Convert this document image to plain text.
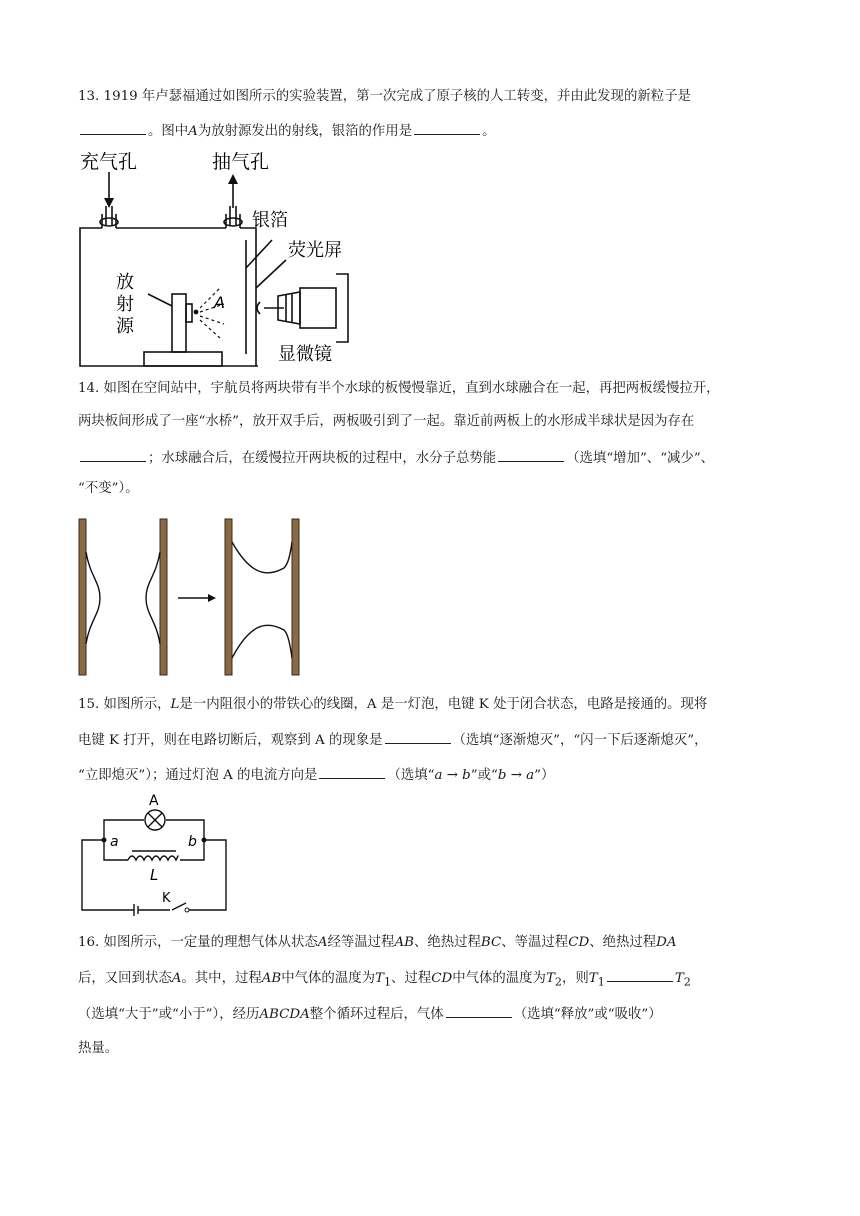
13. 1919 年卢瑟福通过如图所示的实验装置，第一次完成了原子核的人工转变，并由此发现的新粒子是
。图中A为放射源发出的射线，银箔的作用是	。
充气孔	抽气孔
银箔
荧光屏
放
射
源
A
显微镜
14. 如图在空间站中，宇航员将两块带有半个水球的板慢慢靠近，直到水球融合在一起，再把两板缓慢拉开，
两块板间形成了一座“水桥”，放开双手后，两板吸引到了一起。靠近前两板上的水形成半球状是因为存在
；水球融合后，在缓慢拉开两块板的过程中，水分子总势能	（选填“增加”、“减少”、
“不变”）。
15. 如图所示，L是一内阻很小的带铁心的线圈，A 是一灯泡，电键 K 处于闭合状态，电路是接通的。现将
电键 K 打开，则在电路切断后，观察到 A 的现象是	（选填“逐渐熄灭”，“闪一下后逐渐熄灭”，
“立即熄灭”）；通过灯泡 A 的电流方向是	（选填“a → b”或“b → a”）
A
a	b
L
K
16. 如图所示，一定量的理想气体从状态A经等温过程AB、绝热过程BC、等温过程CD、绝热过程DA
后，又回到状态A。其中，过程AB中气体的温度为$T_1$、过程CD中气体的温度为$T_2$，则$T_1$	$T_2$
（选填“大于”或“小于”），经历ABCDA整个循环过程后，气体	（选填“释放”或“吸收”）
热量。
